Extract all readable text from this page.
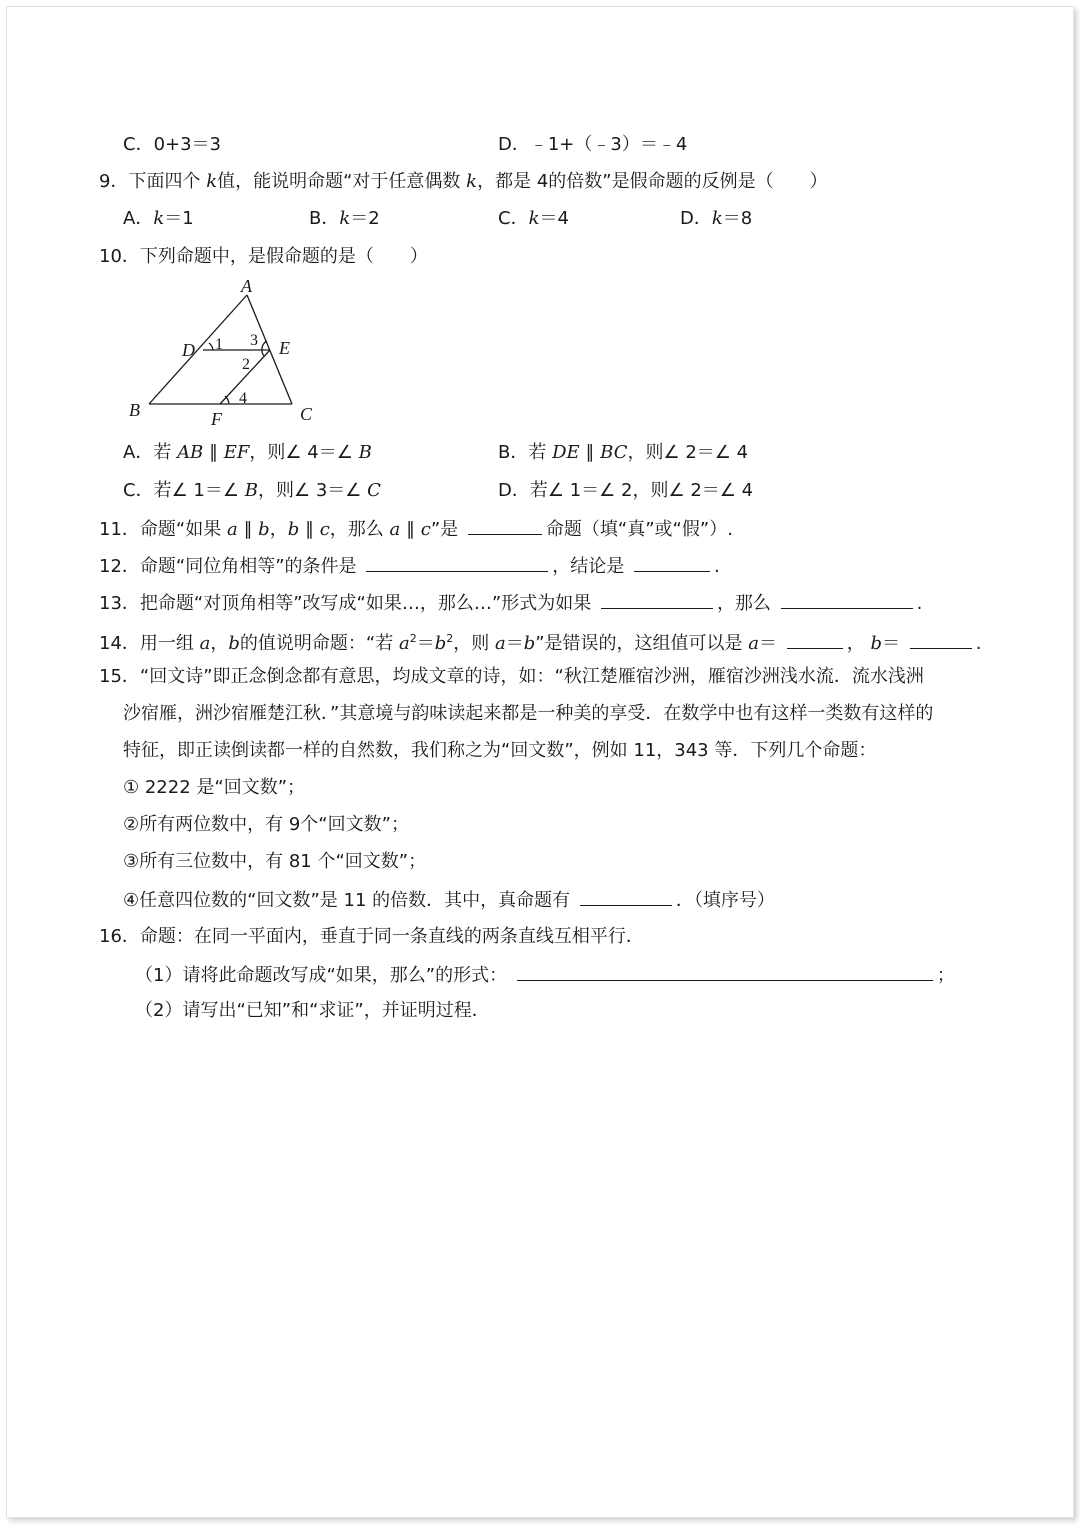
C．0+3＝3	D．﹣1+（﹣3）＝﹣4
9．下面四个 k值，能说明命题“对于任意偶数 k，都是 4的倍数”是假命题的反例是（　　）
A．k＝1	B．k＝2	C．k＝4	D．k＝8
10．下列命题中，是假命题的是（　　）
A
B	C
D	E
F
1
2
3
4
A．若 AB ∥ EF，则∠ 4＝∠ B	B．若 DE ∥ BC，则∠ 2＝∠ 4
C．若∠ 1＝∠ B，则∠ 3＝∠ C	D．若∠ 1＝∠ 2，则∠ 2＝∠ 4
11．命题“如果 a ∥ b，b ∥ c，那么 a ∥ c”是	命题（填“真”或“假”）.
12．命题“同位角相等”的条件是	，结论是	.
13．把命题“对顶角相等”改写成“如果…，那么…”形式为如果	，那么	.
14．用一组 a，b的值说明命题：“若 $a^2=b^2$，则 a＝b”是错误的，这组值可以是 a＝	， b＝	.
15．“回文诗”即正念倒念都有意思，均成文章的诗，如：“秋江楚雁宿沙洲，雁宿沙洲浅水流．流水浅洲
沙宿雁，洲沙宿雁楚江秋．”其意境与韵味读起来都是一种美的享受．在数学中也有这样一类数有这样的
特征，即正读倒读都一样的自然数，我们称之为“回文数”，例如 11，343 等．下列几个命题：
① 2222 是“回文数”；
②所有两位数中，有 9个“回文数”；
③所有三位数中，有 81 个“回文数”；
④任意四位数的“回文数”是 11 的倍数．其中，真命题有	．（填序号）
16．命题：在同一平面内，垂直于同一条直线的两条直线互相平行．
（1）请将此命题改写成“如果，那么”的形式：	；
（2）请写出“已知”和“求证”，并证明过程．
